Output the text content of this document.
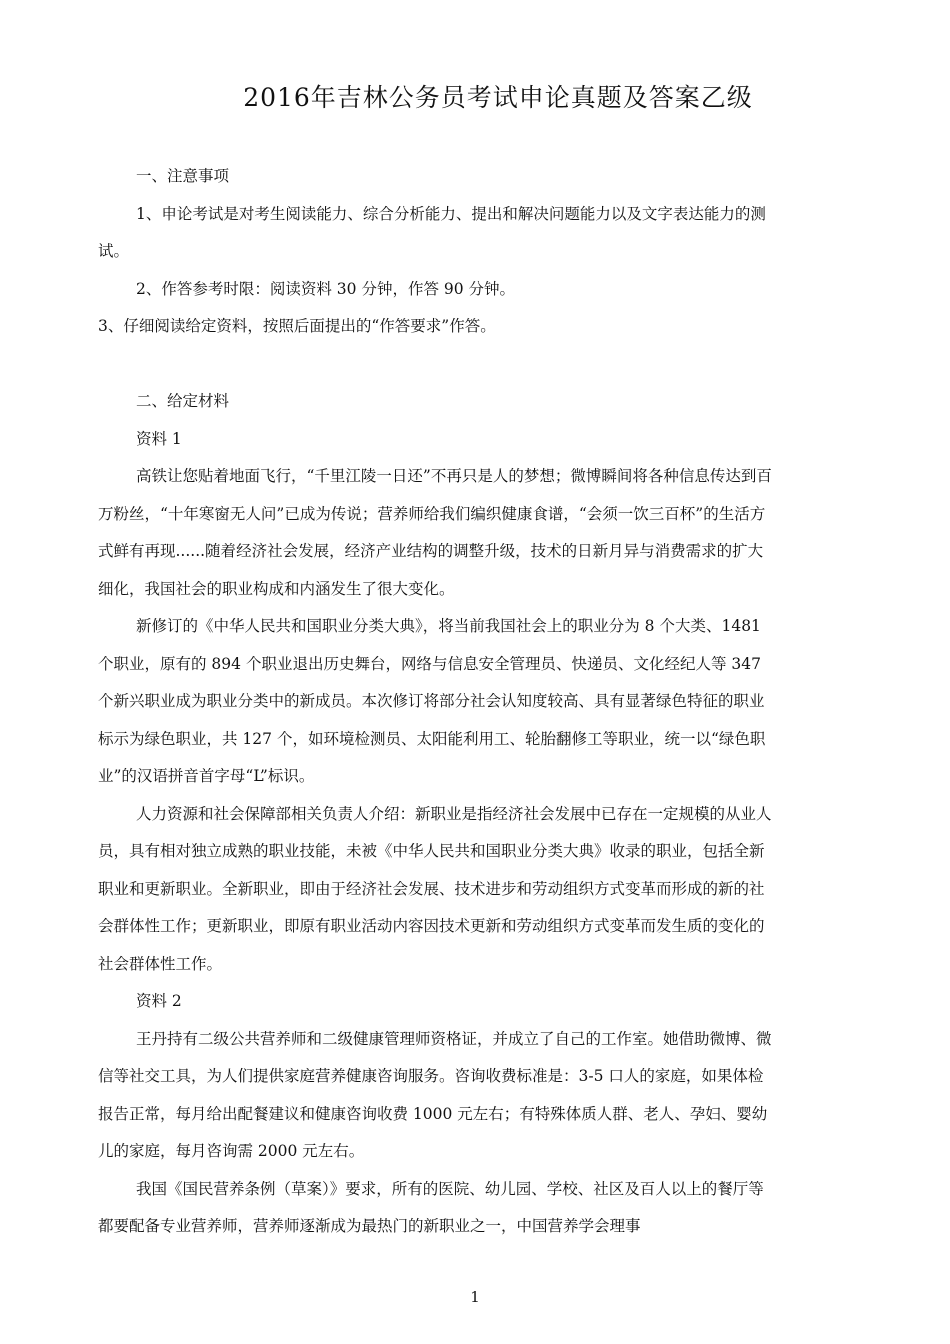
2016年吉林公务员考试申论真题及答案乙级

一、注意事项

1、申论考试是对考生阅读能力、综合分析能力、提出和解决问题能力以及文字表达能力的测试。

2、作答参考时限：阅读资料 30 分钟，作答 90 分钟。

3、仔细阅读给定资料，按照后面提出的“作答要求”作答。

二、给定材料

资料 1

高铁让您贴着地面飞行，“千里江陵一日还”不再只是人的梦想；微博瞬间将各种信息传达到百万粉丝，“十年寒窗无人问”已成为传说；营养师给我们编织健康食谱，“会须一饮三百杯”的生活方式鲜有再现......随着经济社会发展，经济产业结构的调整升级，技术的日新月异与消费需求的扩大细化，我国社会的职业构成和内涵发生了很大变化。

新修订的《中华人民共和国职业分类大典》，将当前我国社会上的职业分为 8 个大类、1481 个职业，原有的 894 个职业退出历史舞台，网络与信息安全管理员、快递员、文化经纪人等 347 个新兴职业成为职业分类中的新成员。本次修订将部分社会认知度较高、具有显著绿色特征的职业标示为绿色职业，共 127 个，如环境检测员、太阳能利用工、轮胎翻修工等职业，统一以“绿色职业”的汉语拼音首字母“L”标识。

人力资源和社会保障部相关负责人介绍：新职业是指经济社会发展中已存在一定规模的从业人员，具有相对独立成熟的职业技能，未被《中华人民共和国职业分类大典》收录的职业，包括全新职业和更新职业。全新职业，即由于经济社会发展、技术进步和劳动组织方式变革而形成的新的社会群体性工作；更新职业，即原有职业活动内容因技术更新和劳动组织方式变革而发生质的变化的社会群体性工作。

资料 2

王丹持有二级公共营养师和二级健康管理师资格证，并成立了自己的工作室。她借助微博、微信等社交工具，为人们提供家庭营养健康咨询服务。咨询收费标准是：3-5 口人的家庭，如果体检报告正常，每月给出配餐建议和健康咨询收费 1000 元左右；有特殊体质人群、老人、孕妇、婴幼儿的家庭，每月咨询需 2000 元左右。

我国《国民营养条例（草案）》要求，所有的医院、幼儿园、学校、社区及百人以上的餐厅等都要配备专业营养师，营养师逐渐成为最热门的新职业之一，中国营养学会理事

1
